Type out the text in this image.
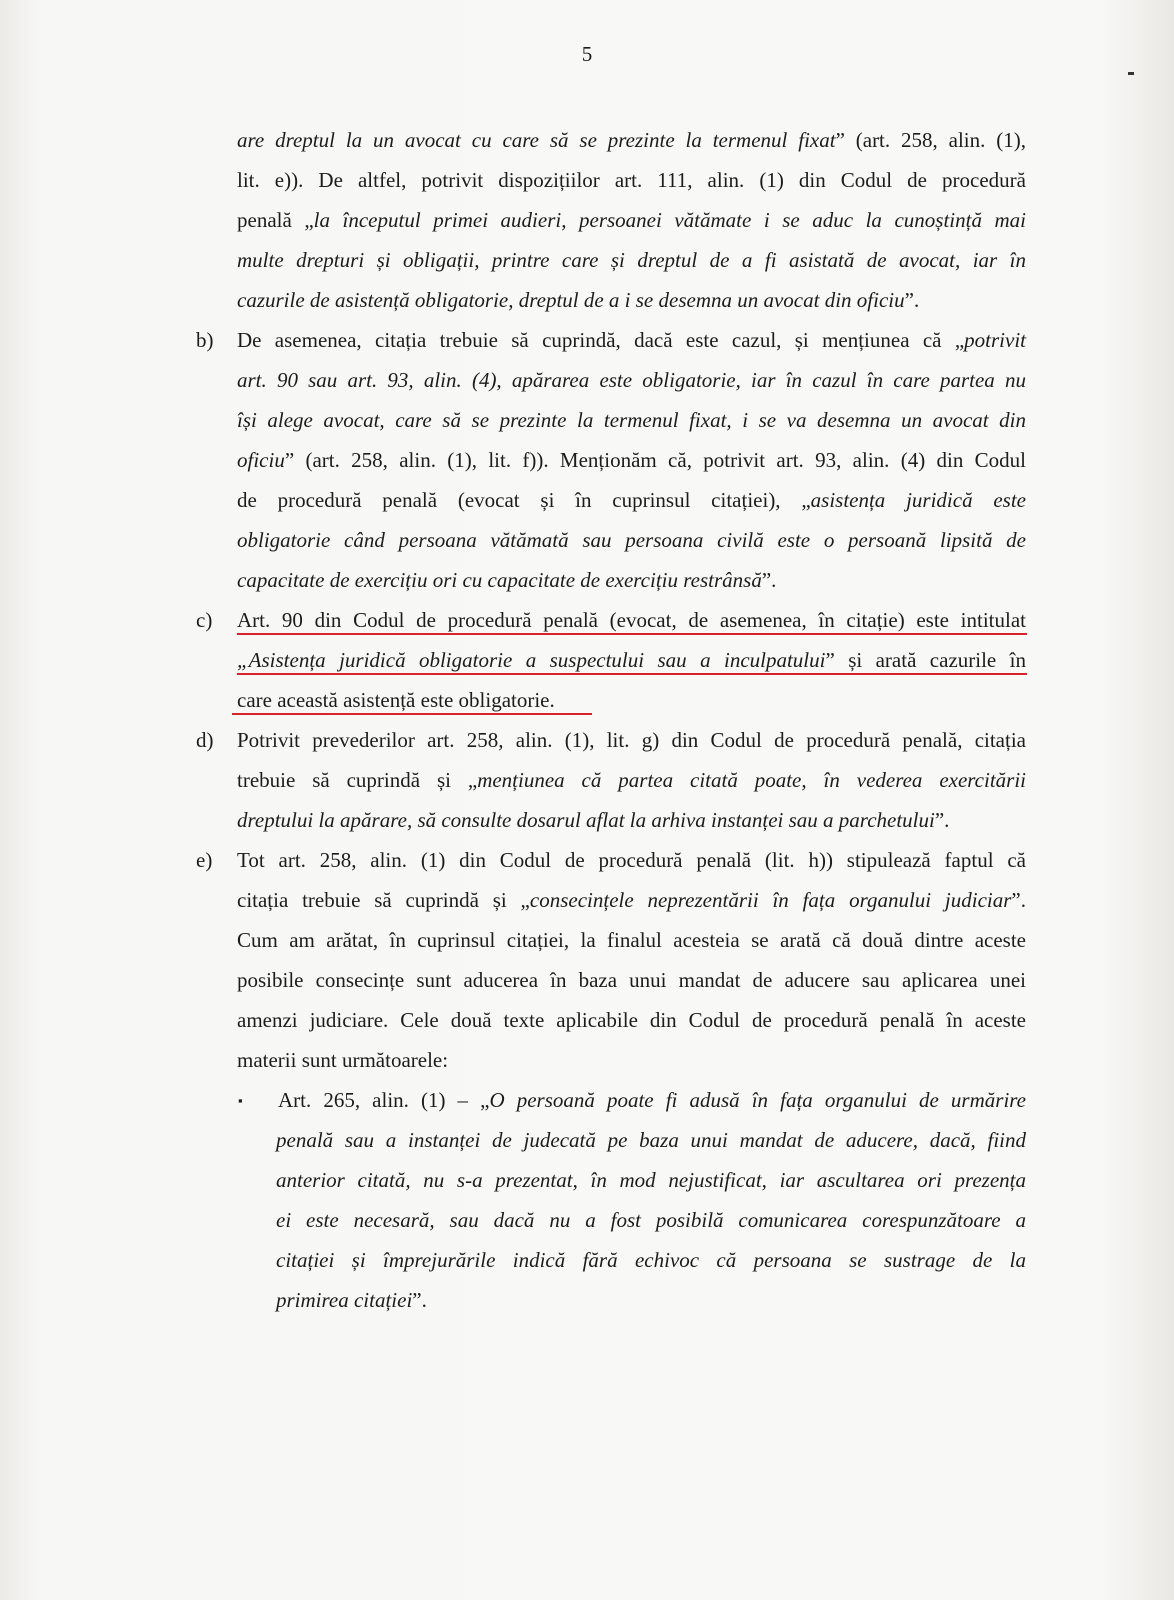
5
are dreptul la un avocat cu care să se prezinte la termenul fixat” (art. 258, alin. (1),
lit. e)). De altfel, potrivit dispozițiilor art. 111, alin. (1) din Codul de procedură
penală „la începutul primei audieri, persoanei vătămate i se aduc la cunoștință mai
multe drepturi și obligații, printre care și dreptul de a fi asistată de avocat, iar în
cazurile de asistență obligatorie, dreptul de a i se desemna un avocat din oficiu”.
b) De asemenea, citația trebuie să cuprindă, dacă este cazul, și mențiunea că „potrivit
art. 90 sau art. 93, alin. (4), apărarea este obligatorie, iar în cazul în care partea nu
își alege avocat, care să se prezinte la termenul fixat, i se va desemna un avocat din
oficiu” (art. 258, alin. (1), lit. f)). Menționăm că, potrivit art. 93, alin. (4) din Codul
de procedură penală (evocat și în cuprinsul citației), „asistența juridică este
obligatorie când persoana vătămată sau persoana civilă este o persoană lipsită de
capacitate de exercițiu ori cu capacitate de exercițiu restrânsă”.
c) Art. 90 din Codul de procedură penală (evocat, de asemenea, în citație) este intitulat
„Asistența juridică obligatorie a suspectului sau a inculpatului” și arată cazurile în
care această asistență este obligatorie.
d) Potrivit prevederilor art. 258, alin. (1), lit. g) din Codul de procedură penală, citația
trebuie să cuprindă și „mențiunea că partea citată poate, în vederea exercitării
dreptului la apărare, să consulte dosarul aflat la arhiva instanței sau a parchetului”.
e) Tot art. 258, alin. (1) din Codul de procedură penală (lit. h)) stipulează faptul că
citația trebuie să cuprindă și „consecințele neprezentării în fața organului judiciar”.
Cum am arătat, în cuprinsul citației, la finalul acesteia se arată că două dintre aceste
posibile consecințe sunt aducerea în baza unui mandat de aducere sau aplicarea unei
amenzi judiciare. Cele două texte aplicabile din Codul de procedură penală în aceste
materii sunt următoarele:
▪ Art. 265, alin. (1) – „O persoană poate fi adusă în fața organului de urmărire
penală sau a instanței de judecată pe baza unui mandat de aducere, dacă, fiind
anterior citată, nu s-a prezentat, în mod nejustificat, iar ascultarea ori prezența
ei este necesară, sau dacă nu a fost posibilă comunicarea corespunzătoare a
citației și împrejurările indică fără echivoc că persoana se sustrage de la
primirea citației”.
